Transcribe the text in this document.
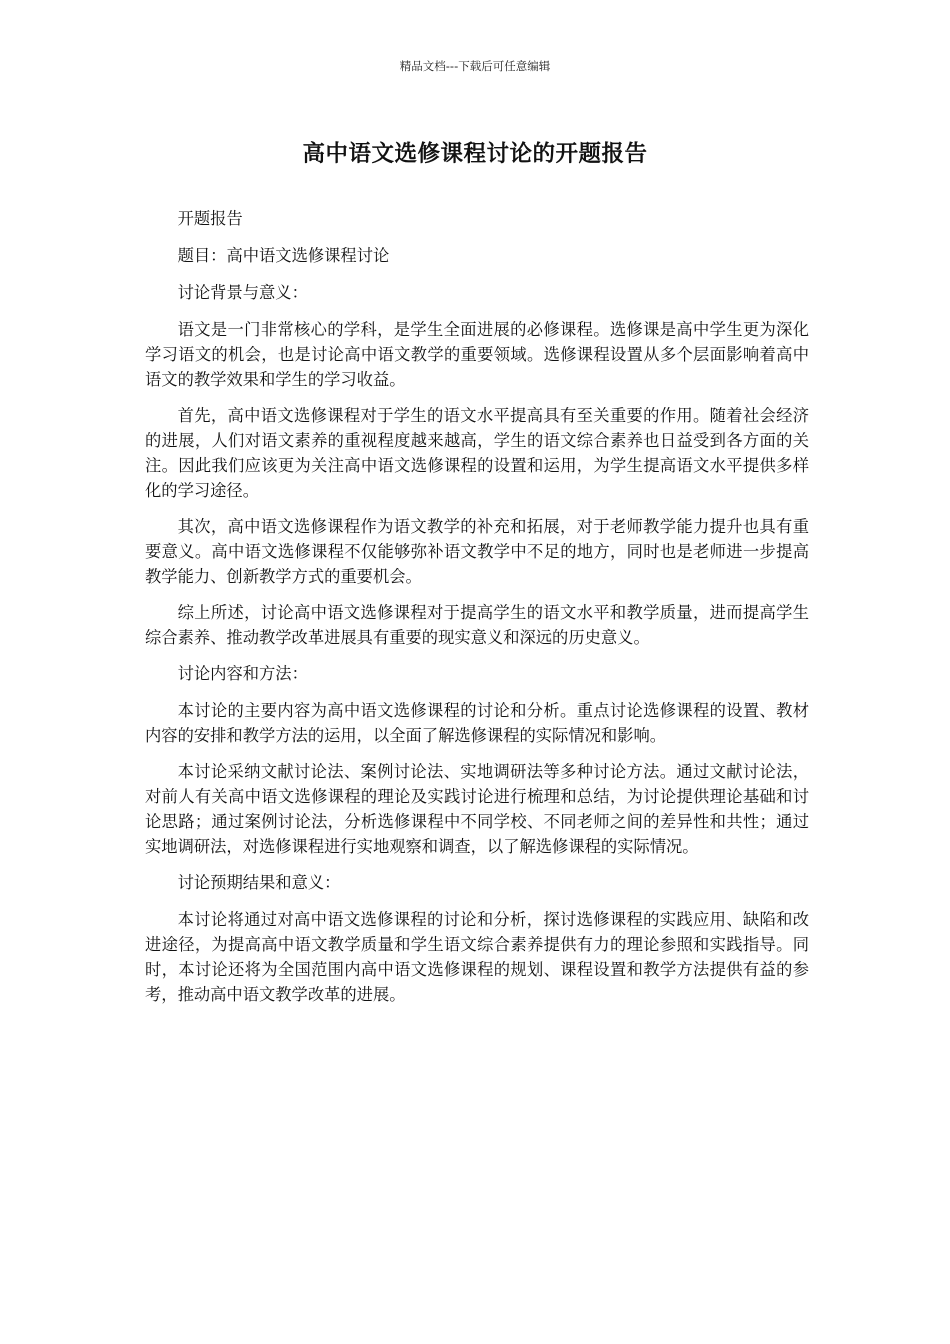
精品文档---下载后可任意编辑
高中语文选修课程讨论的开题报告

开题报告

题目：高中语文选修课程讨论

讨论背景与意义：

语文是一门非常核心的学科，是学生全面进展的必修课程。选修课是高中学生更为深化学习语文的机会，也是讨论高中语文教学的重要领域。选修课程设置从多个层面影响着高中语文的教学效果和学生的学习收益。

首先，高中语文选修课程对于学生的语文水平提高具有至关重要的作用。随着社会经济的进展，人们对语文素养的重视程度越来越高，学生的语文综合素养也日益受到各方面的关注。因此我们应该更为关注高中语文选修课程的设置和运用，为学生提高语文水平提供多样化的学习途径。

其次，高中语文选修课程作为语文教学的补充和拓展，对于老师教学能力提升也具有重要意义。高中语文选修课程不仅能够弥补语文教学中不足的地方，同时也是老师进一步提高教学能力、创新教学方式的重要机会。

综上所述，讨论高中语文选修课程对于提高学生的语文水平和教学质量，进而提高学生综合素养、推动教学改革进展具有重要的现实意义和深远的历史意义。

讨论内容和方法：

本讨论的主要内容为高中语文选修课程的讨论和分析。重点讨论选修课程的设置、教材内容的安排和教学方法的运用，以全面了解选修课程的实际情况和影响。

本讨论采纳文献讨论法、案例讨论法、实地调研法等多种讨论方法。通过文献讨论法，对前人有关高中语文选修课程的理论及实践讨论进行梳理和总结，为讨论提供理论基础和讨论思路；通过案例讨论法，分析选修课程中不同学校、不同老师之间的差异性和共性；通过实地调研法，对选修课程进行实地观察和调查，以了解选修课程的实际情况。

讨论预期结果和意义：

本讨论将通过对高中语文选修课程的讨论和分析，探讨选修课程的实践应用、缺陷和改进途径，为提高高中语文教学质量和学生语文综合素养提供有力的理论参照和实践指导。同时，本讨论还将为全国范围内高中语文选修课程的规划、课程设置和教学方法提供有益的参考，推动高中语文教学改革的进展。
